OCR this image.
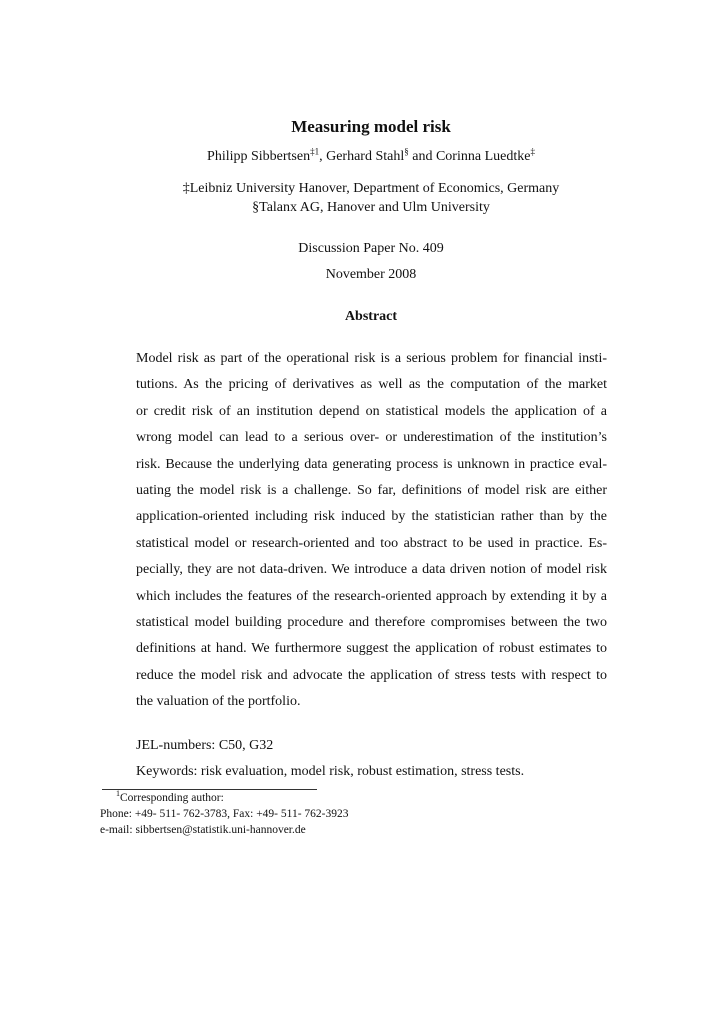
Measuring model risk
Philipp Sibbertsen$^{\ddagger 1}$, Gerhard Stahl§ and Corinna Luedtke‡
‡Leibniz University Hanover, Department of Economics, Germany
§Talanx AG, Hanover and Ulm University
Discussion Paper No. 409
November 2008
Abstract
Model risk as part of the operational risk is a serious problem for financial insti-
tutions. As the pricing of derivatives as well as the computation of the market
or credit risk of an institution depend on statistical models the application of a
wrong model can lead to a serious over- or underestimation of the institution’s
risk. Because the underlying data generating process is unknown in practice eval-
uating the model risk is a challenge. So far, definitions of model risk are either
application-oriented including risk induced by the statistician rather than by the
statistical model or research-oriented and too abstract to be used in practice. Es-
pecially, they are not data-driven. We introduce a data driven notion of model risk
which includes the features of the research-oriented approach by extending it by a
statistical model building procedure and therefore compromises between the two
definitions at hand. We furthermore suggest the application of robust estimates to
reduce the model risk and advocate the application of stress tests with respect to
the valuation of the portfolio.
JEL-numbers: C50, G32
Keywords: risk evaluation, model risk, robust estimation, stress tests.
$^1$Corresponding author:
Phone: +49- 511- 762-3783, Fax: +49- 511- 762-3923
e-mail: sibbertsen@statistik.uni-hannover.de
